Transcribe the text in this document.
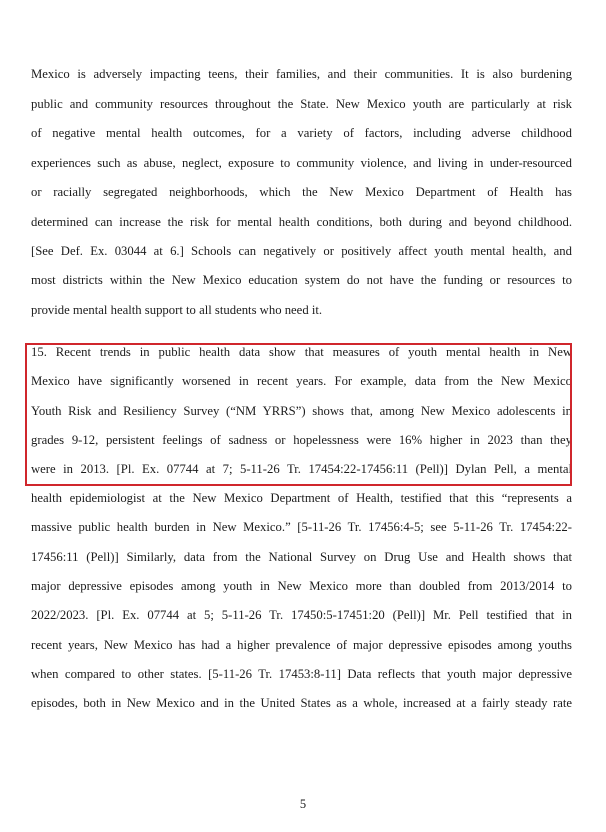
Mexico is adversely impacting teens, their families, and their communities. It is also burdening
public and community resources throughout the State. New Mexico youth are particularly at risk
of negative mental health outcomes, for a variety of factors, including adverse childhood
experiences such as abuse, neglect, exposure to community violence, and living in under-resourced
or racially segregated neighborhoods, which the New Mexico Department of Health has
determined can increase the risk for mental health conditions, both during and beyond childhood.
[See Def. Ex. 03044 at 6.] Schools can negatively or positively affect youth mental health, and
most districts within the New Mexico education system do not have the funding or resources to
provide mental health support to all students who need it.
15. Recent trends in public health data show that measures of youth mental health in New
Mexico have significantly worsened in recent years. For example, data from the New Mexico
Youth Risk and Resiliency Survey (“NM YRRS”) shows that, among New Mexico adolescents in
grades 9-12, persistent feelings of sadness or hopelessness were 16% higher in 2023 than they
were in 2013. [Pl. Ex. 07744 at 7; 5-11-26 Tr. 17454:22-17456:11 (Pell)] Dylan Pell, a mental
health epidemiologist at the New Mexico Department of Health, testified that this “represents a
massive public health burden in New Mexico.” [5-11-26 Tr. 17456:4-5; see 5-11-26 Tr. 17454:22-
17456:11 (Pell)] Similarly, data from the National Survey on Drug Use and Health shows that
major depressive episodes among youth in New Mexico more than doubled from 2013/2014 to
2022/2023. [Pl. Ex. 07744 at 5; 5-11-26 Tr. 17450:5-17451:20 (Pell)] Mr. Pell testified that in
recent years, New Mexico has had a higher prevalence of major depressive episodes among youths
when compared to other states. [5-11-26 Tr. 17453:8-11] Data reflects that youth major depressive
episodes, both in New Mexico and in the United States as a whole, increased at a fairly steady rate
5
